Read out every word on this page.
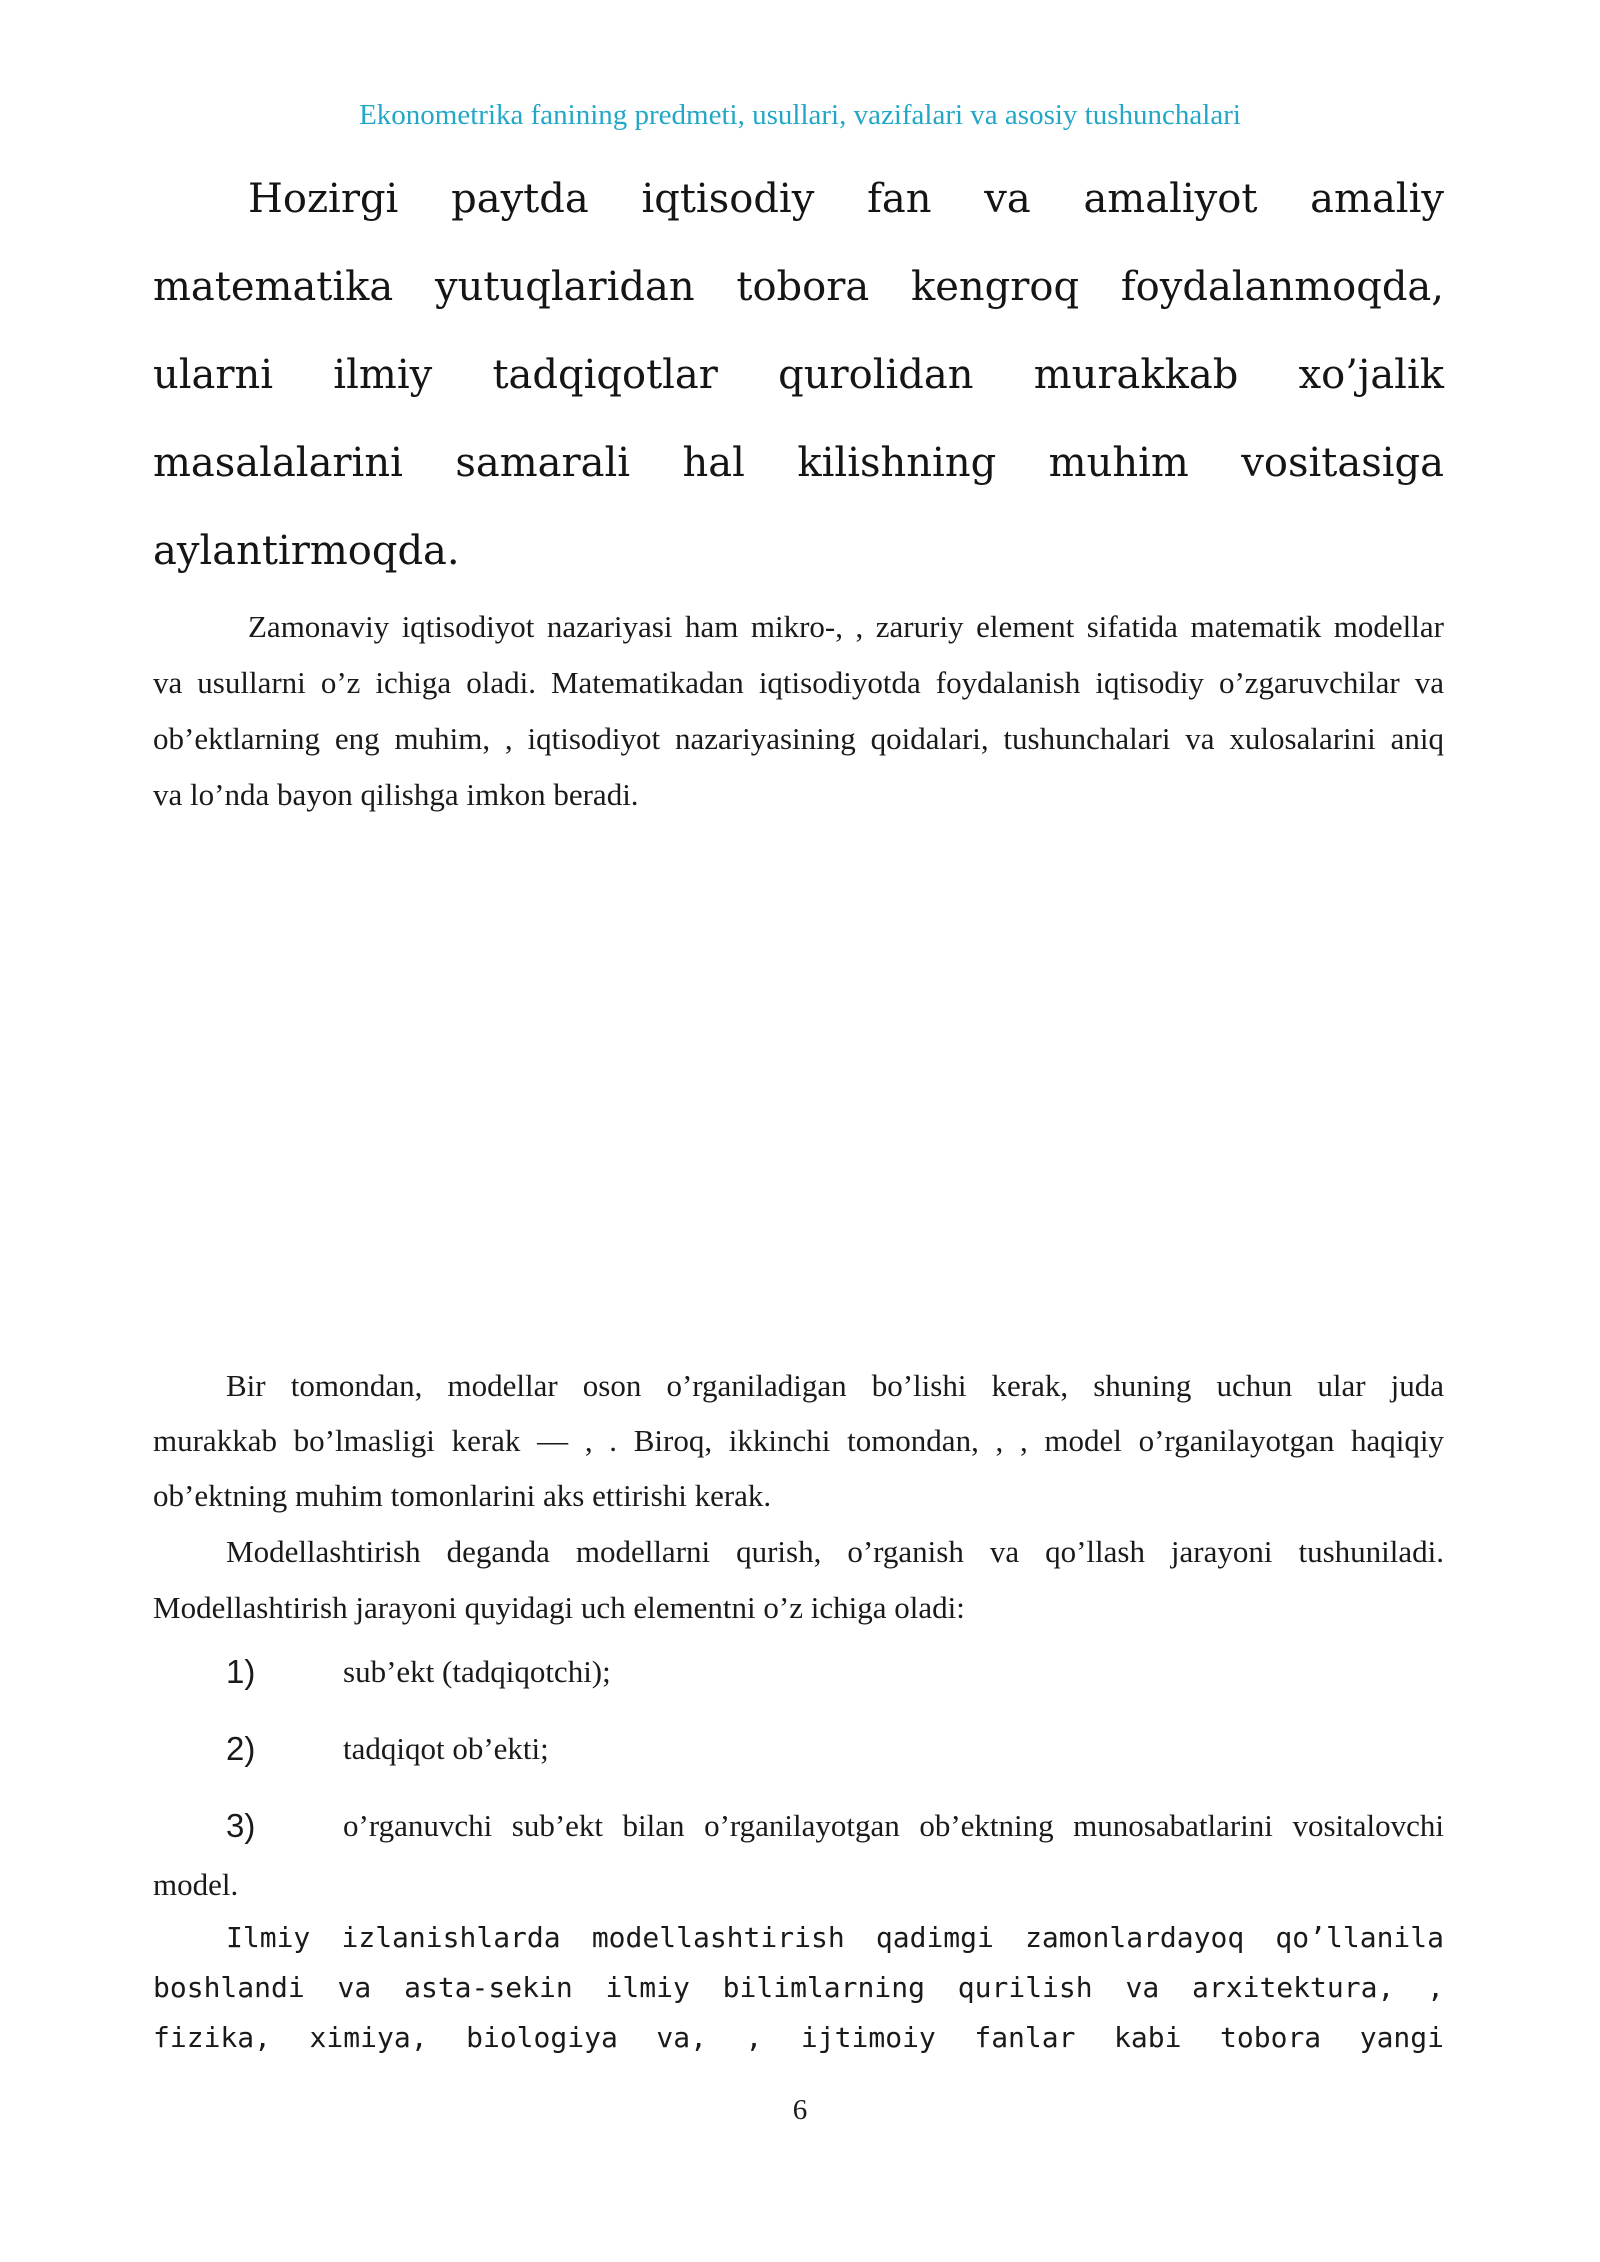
Ekonometrika fanining predmeti, usullari, vazifalari va asosiy tushunchalari
Hozirgi paytda iqtisodiy fan va amaliyot amaliy
matematika yutuqlaridan tobora kengroq foydalanmoqda,
ularni ilmiy tadqiqotlar qurolidan murakkab xo’jalik
masalalarini samarali hal kilishning muhim vositasiga
aylantirmoqda.
Zamonaviy iqtisodiyot nazariyasi ham mikro-, , zaruriy element sifatida matematik modellar
va usullarni o’z ichiga oladi. Matematikadan iqtisodiyotda foydalanish iqtisodiy o’zgaruvchilar va
ob’ektlarning eng muhim, , iqtisodiyot nazariyasining qoidalari, tushunchalari va xulosalarini aniq
va lo’nda bayon qilishga imkon beradi.
Bir tomondan, modellar oson o’rganiladigan bo’lishi kerak, shuning uchun ular juda
murakkab bo’lmasligi kerak — , . Biroq, ikkinchi tomondan, , , model o’rganilayotgan haqiqiy
ob’ektning muhim tomonlarini aks ettirishi kerak.
Modellashtirish deganda modellarni qurish, o’rganish va qo’llash jarayoni tushuniladi.
Modellashtirish jarayoni quyidagi uch elementni o’z ichiga oladi:
1)	sub’ekt (tadqiqotchi);
2)	tadqiqot ob’ekti;
3)	o’rganuvchi sub’ekt bilan o’rganilayotgan ob’ektning munosabatlarini vositalovchi
model.
Ilmiy izlanishlarda modellashtirish qadimgi zamonlardayoq qo’llanila
boshlandi va asta-sekin ilmiy bilimlarning qurilish va arxitektura, ,
fizika, ximiya, biologiya va, , ijtimoiy fanlar kabi tobora yangi
6
